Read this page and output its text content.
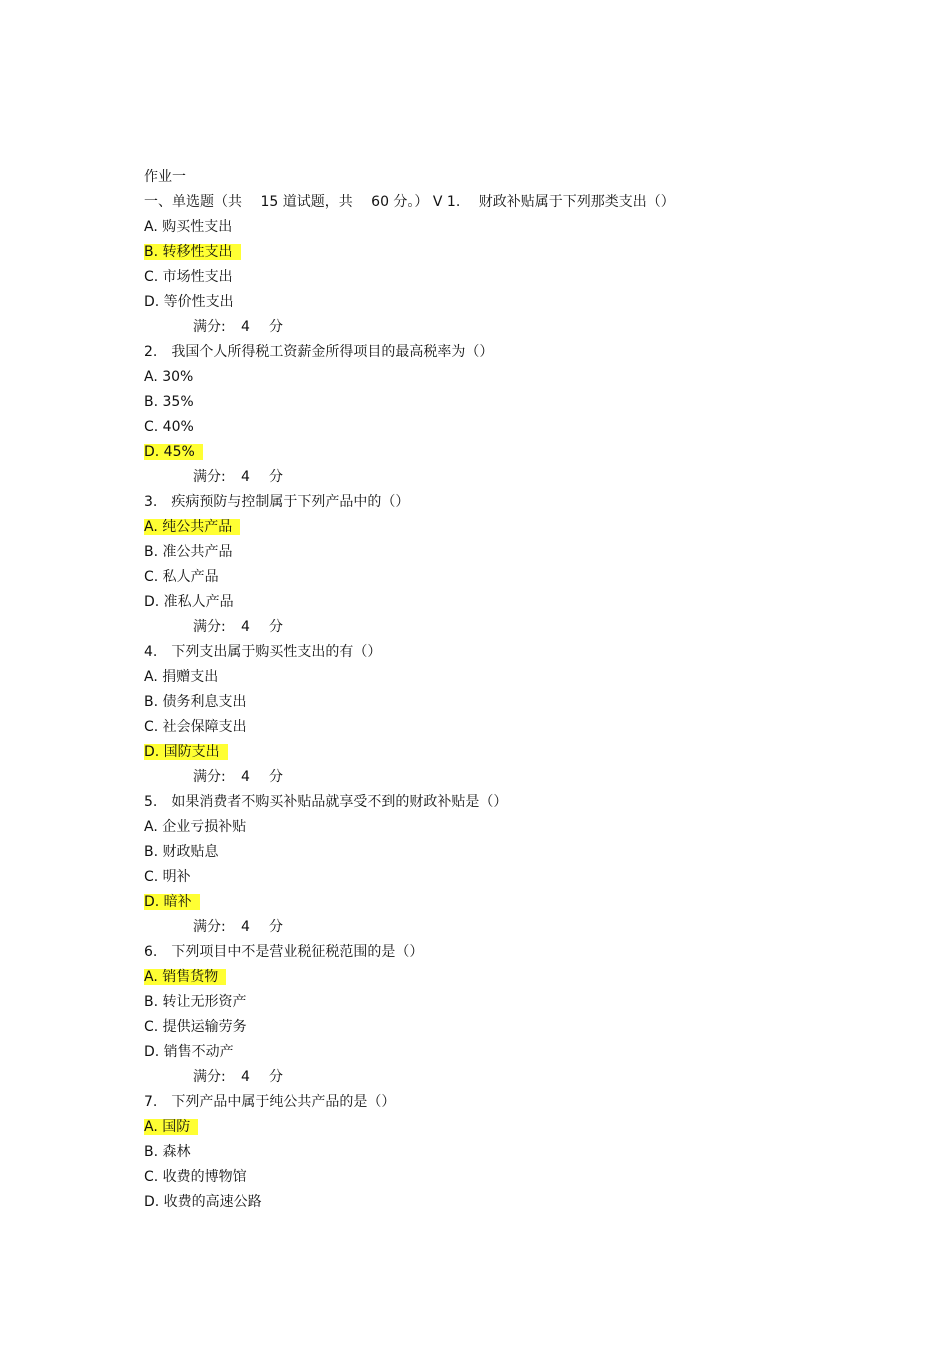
作业一
一、单选题（共　 15 道试题，共　 60 分。） V 1.　 财政补贴属于下列那类支出（）
A. 购买性支出
B. 转移性支出
C. 市场性支出
D. 等价性支出
满分: 4 分
2.　我国个人所得税工资薪金所得项目的最高税率为（）
A. 30%
B. 35%
C. 40%
D. 45%
满分: 4 分
3.　疾病预防与控制属于下列产品中的（）
A. 纯公共产品
B. 准公共产品
C. 私人产品
D. 准私人产品
满分: 4 分
4.　下列支出属于购买性支出的有（）
A. 捐赠支出
B. 债务利息支出
C. 社会保障支出
D. 国防支出
满分: 4 分
5.　如果消费者不购买补贴品就享受不到的财政补贴是（）
A. 企业亏损补贴
B. 财政贴息
C. 明补
D. 暗补
满分: 4 分
6.　下列项目中不是营业税征税范围的是（）
A. 销售货物
B. 转让无形资产
C. 提供运输劳务
D. 销售不动产
满分: 4 分
7.　下列产品中属于纯公共产品的是（）
A. 国防
B. 森林
C. 收费的博物馆
D. 收费的高速公路
